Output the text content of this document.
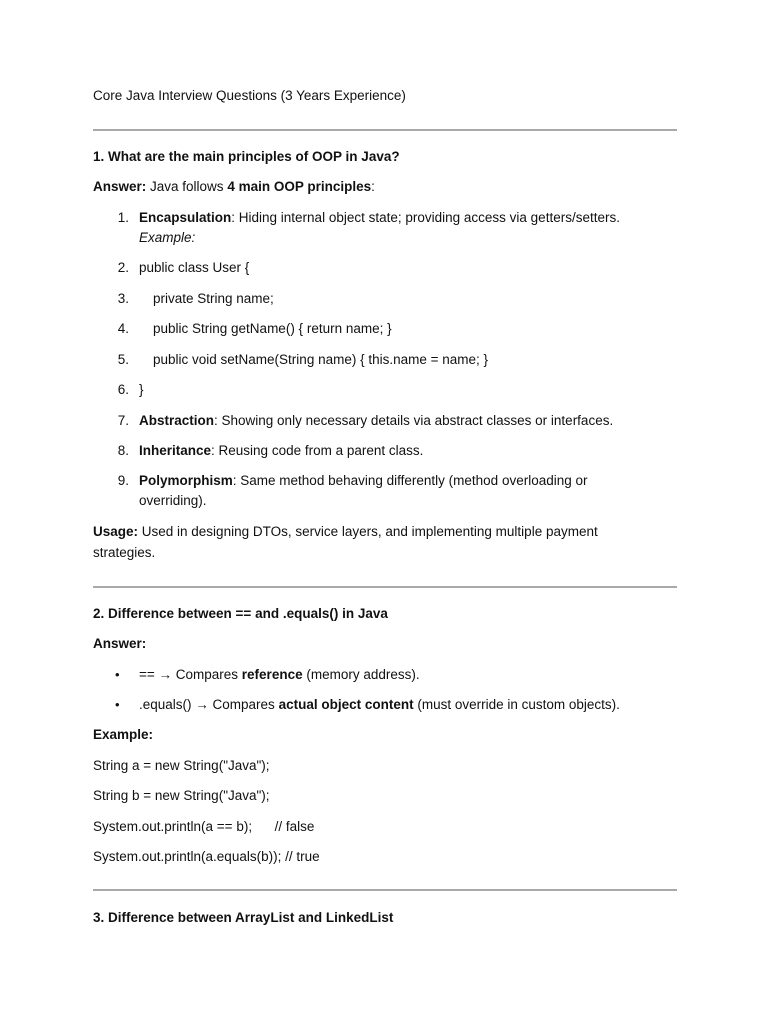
Core Java Interview Questions (3 Years Experience)
1. What are the main principles of OOP in Java?
Answer: Java follows 4 main OOP principles:
1. Encapsulation: Hiding internal object state; providing access via getters/setters.
Example:
2. public class User {
3.	private String name;
4.	public String getName() { return name; }
5.	public void setName(String name) { this.name = name; }
6. }
7. Abstraction: Showing only necessary details via abstract classes or interfaces.
8. Inheritance: Reusing code from a parent class.
9. Polymorphism: Same method behaving differently (method overloading or
overriding).
Usage: Used in designing DTOs, service layers, and implementing multiple payment
strategies.
2. Difference between == and .equals() in Java
Answer:
• == → Compares reference (memory address).
• .equals() → Compares actual object content (must override in custom objects).
Example:
String a = new String("Java");
String b = new String("Java");
System.out.println(a == b);      // false
System.out.println(a.equals(b)); // true
3. Difference between ArrayList and LinkedList
